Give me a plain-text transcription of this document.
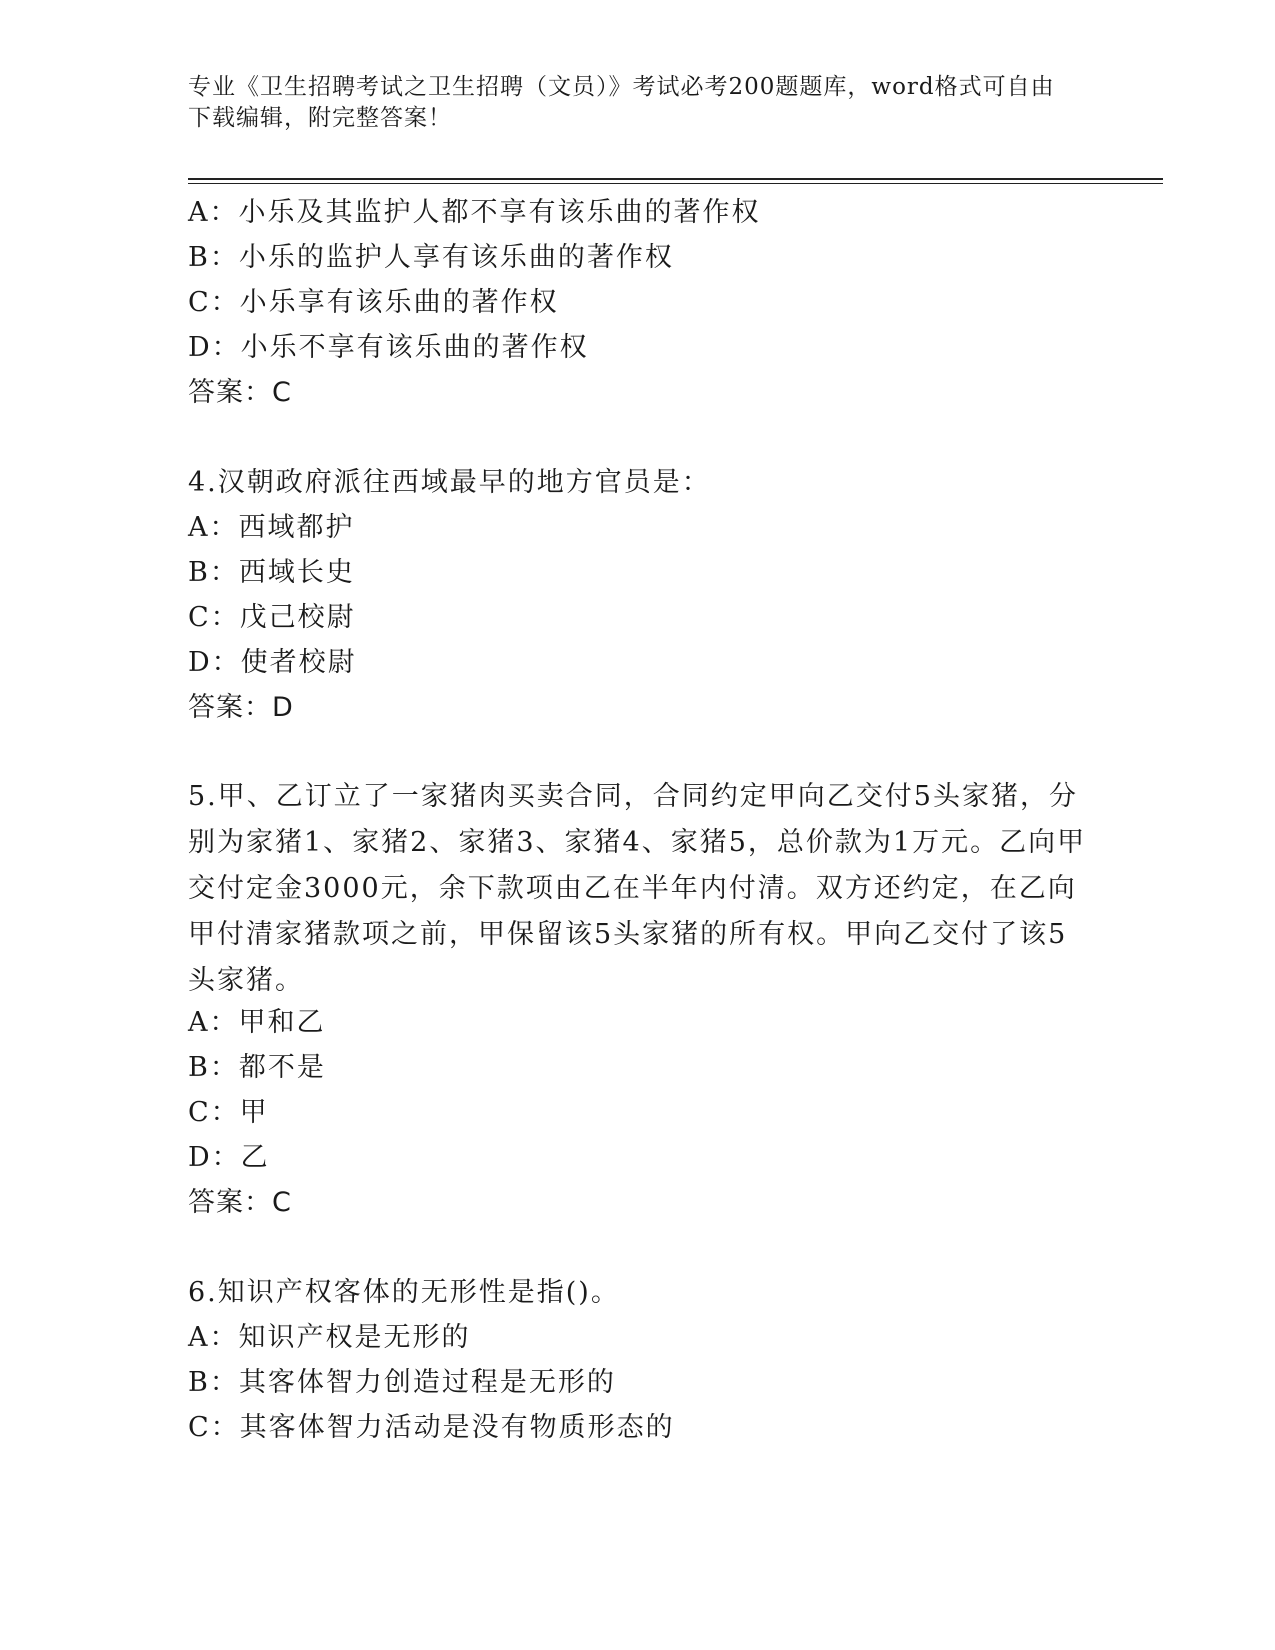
专业《卫生招聘考试之卫生招聘（文员）》考试必考200题题库，word格式可自由下载编辑，附完整答案！
A：小乐及其监护人都不享有该乐曲的著作权
B：小乐的监护人享有该乐曲的著作权
C：小乐享有该乐曲的著作权
D：小乐不享有该乐曲的著作权
答案：C
4.汉朝政府派往西域最早的地方官员是：
A：西域都护
B：西域长史
C：戊己校尉
D：使者校尉
答案：D
5.甲、乙订立了一家猪肉买卖合同，合同约定甲向乙交付5头家猪，分别为家猪1、家猪2、家猪3、家猪4、家猪5，总价款为1万元。乙向甲交付定金3000元，余下款项由乙在半年内付清。双方还约定，在乙向甲付清家猪款项之前，甲保留该5头家猪的所有权。甲向乙交付了该5头家猪。
A：甲和乙
B：都不是
C：甲
D：乙
答案：C
6.知识产权客体的无形性是指()。
A：知识产权是无形的
B：其客体智力创造过程是无形的
C：其客体智力活动是没有物质形态的
